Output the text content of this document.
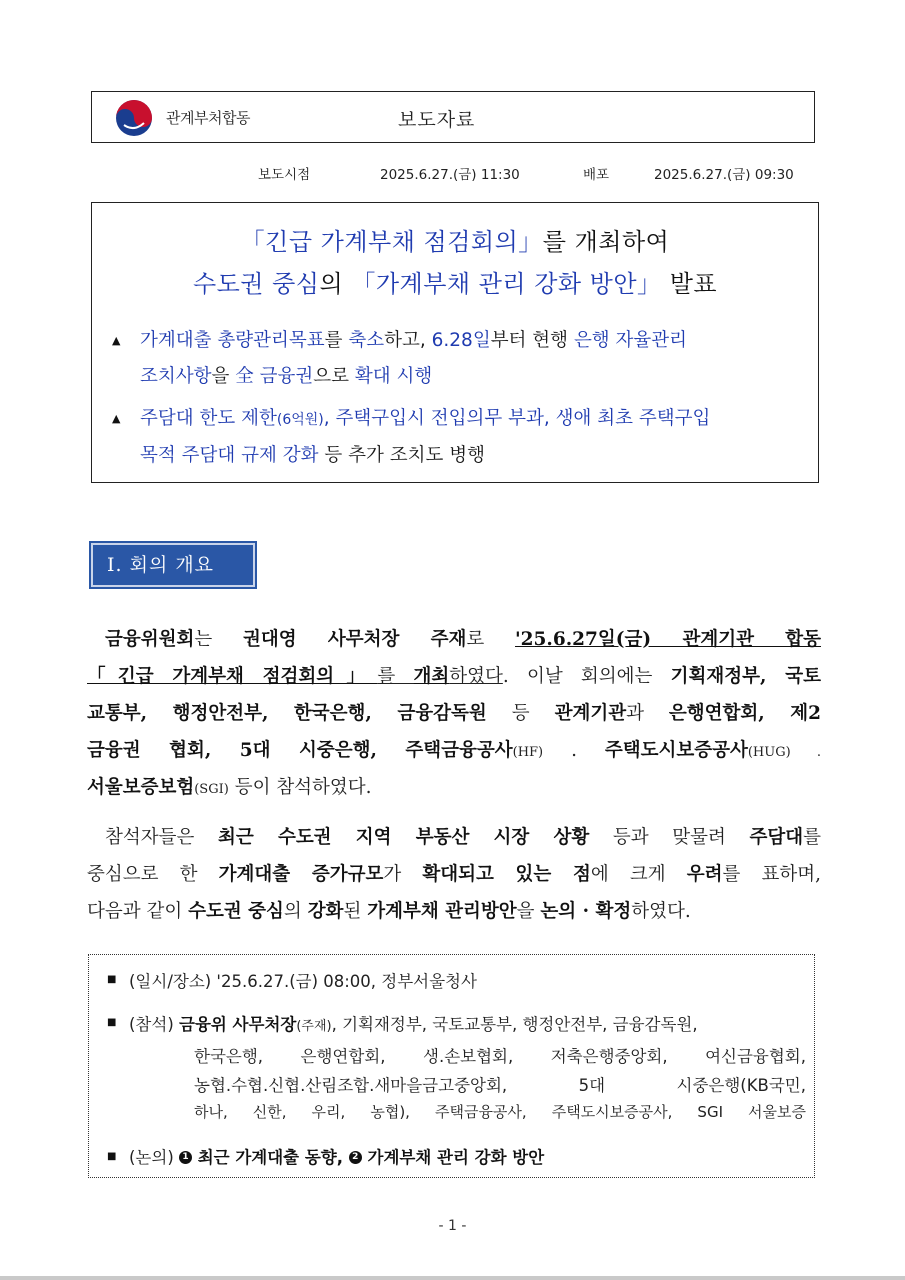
관계부처합동	보도자료
보도시점	2025.6.27.(금) 11:30	배포	2025.6.27.(금) 09:30
「긴급 가계부채 점검회의」를 개최하여
수도권 중심의 「가계부채 관리 강화 방안」 발표
▲ 가계대출 총량관리목표를 축소하고, 6.28일부터 현행 은행 자율관리
조치사항을 全 금융권으로 확대 시행
▲ 주담대 한도 제한(6억원), 주택구입시 전입의무 부과, 생애 최초 주택구입
목적 주담대 규제 강화 등 추가 조치도 병행
Ⅰ. 회의 개요
금융위원회는 권대영 사무처장 주재로 '25.6.27일(금) 관계기관 합동
「긴급 가계부채 점검회의」를 개최하였다. 이날 회의에는 기획재정부, 국토
교통부, 행정안전부, 한국은행, 금융감독원 등 관계기관과 은행연합회, 제2
금융권 협회, 5대 시중은행, 주택금융공사(HF) . 주택도시보증공사(HUG) .
서울보증보험(SGI) 등이 참석하였다.
참석자들은 최근 수도권 지역 부동산 시장 상황 등과 맞물려 주담대를
중심으로 한 가계대출 증가규모가 확대되고 있는 점에 크게 우려를 표하며,
다음과 같이 수도권 중심의 강화된 가계부채 관리방안을 논의 · 확정하였다.
■ (일시/장소) '25.6.27.(금) 08:00, 정부서울청사
■ (참석) 금융위 사무처장(주재), 기획재정부, 국토교통부, 행정안전부, 금융감독원,
한국은행, 은행연합회, 생.손보협회, 저축은행중앙회, 여신금융협회,
농협.수협.신협.산림조합.새마을금고중앙회, 5대 시중은행(KB국민,
하나, 신한, 우리, 농협), 주택금융공사, 주택도시보증공사, SGI 서울보증
■ (논의) 1 최근 가계대출 동향, 2 가계부채 관리 강화 방안
- 1 -
